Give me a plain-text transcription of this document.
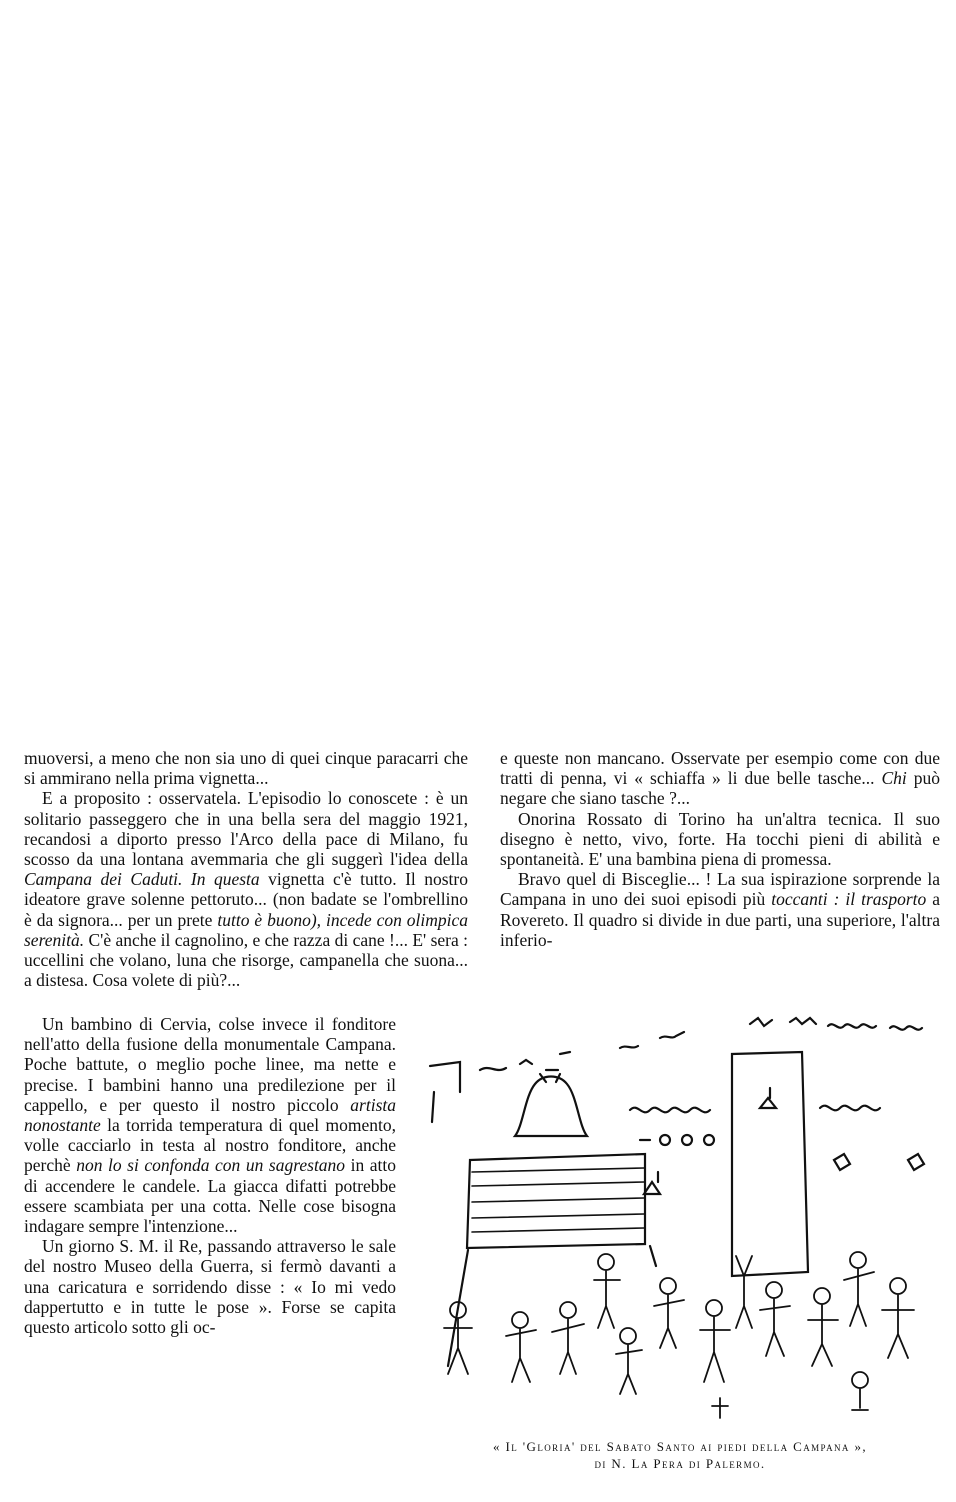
muoversi, a meno che non sia uno di quei cinque paracarri che si ammirano nella prima vignetta...

E a proposito : osservatela. L'episodio lo conoscete : è un solitario passeggero che in una bella sera del maggio 1921, recandosi a diporto presso l'Arco della pace di Milano, fu scosso da una lontana avemmaria che gli suggerì l'idea della Campana dei Caduti. In questa vignetta c'è tutto. Il nostro ideatore grave solenne pettoruto... (non badate se l'ombrellino è da signora... per un prete tutto è buono), incede con olimpica serenità. C'è anche il cagnolino, e che razza di cane !... E' sera : uccellini che volano, luna che risorge, campanella che suona... a distesa. Cosa volete di più?...

Un bambino di Cervia, colse invece il fonditore nell'atto della fusione della monumentale Campana. Poche battute, o meglio poche linee, ma nette e precise. I bambini hanno una predilezione per il cappello, e per questo il nostro piccolo artista nonostante la torrida temperatura di quel momento, volle cacciarlo in testa al nostro fonditore, anche perchè non lo si confonda con un sagrestano in atto di accendere le candele. La giacca difatti potrebbe essere scambiata per una cotta. Nelle cose bisogna indagare sempre l'intenzione...

Un giorno S. M. il Re, passando attraverso le sale del nostro Museo della Guerra, si fermò davanti a una caricatura e sorridendo disse : « Io mi vedo dappertutto e in tutte le pose ». Forse se capita questo articolo sotto gli oc-

e queste non mancano. Osservate per esempio come con due tratti di penna, vi « schiaffa » li due belle tasche... Chi può negare che siano tasche ?...

Onorina Rossato di Torino ha un'altra tecnica. Il suo disegno è netto, vivo, forte. Ha tocchi pieni di abilità e spontaneità. E' una bambina piena di promessa.

Bravo quel di Bisceglie... ! La sua ispirazione sorprende la Campana in uno dei suoi episodi più toccanti : il trasporto a Rovereto. Il quadro si divide in due parti, una superiore, l'altra inferio-

« Il 'Gloria' del Sabato Santo ai piedi della Campana »,
di N. La Pera di Palermo.
